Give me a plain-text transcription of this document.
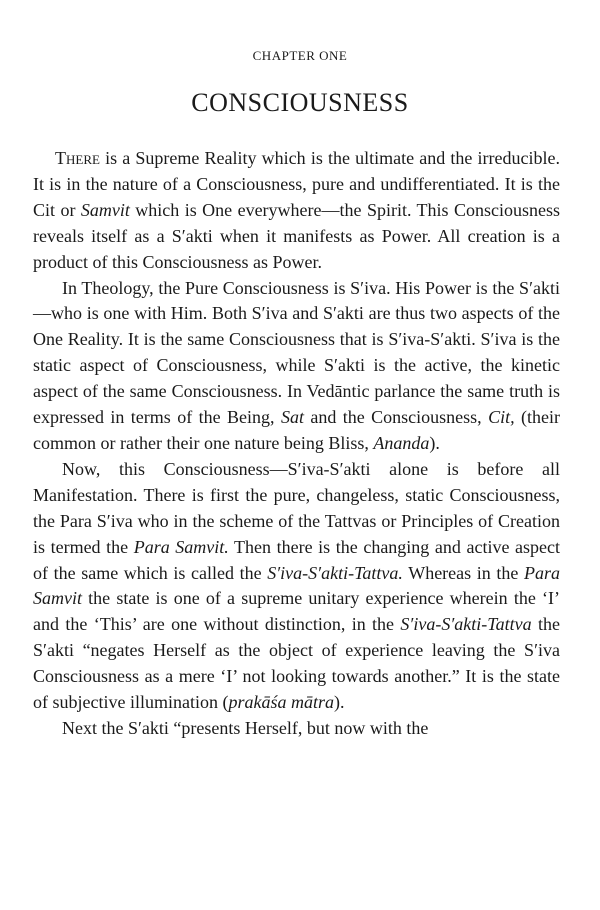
CHAPTER ONE
CONSCIOUSNESS

There is a Supreme Reality which is the ultimate and the irreducible. It is in the nature of a Consciousness, pure and undifferentiated. It is the Cit or Samvit which is One everywhere—the Spirit. This Consciousness reveals itself as a S′akti when it manifests as Power. All creation is a product of this Consciousness as Power.

In Theology, the Pure Consciousness is S′iva. His Power is the S′akti—who is one with Him. Both S′iva and S′akti are thus two aspects of the One Reality. It is the same Consciousness that is S′iva-S′akti. S′iva is the static aspect of Consciousness, while S′akti is the active, the kinetic aspect of the same Consciousness. In Vedāntic parlance the same truth is expressed in terms of the Being, Sat and the Consciousness, Cit, (their common or rather their one nature being Bliss, Ananda).

Now, this Consciousness—S′iva-S′akti alone is before all Manifestation. There is first the pure, changeless, static Consciousness, the Para S′iva who in the scheme of the Tattvas or Principles of Creation is termed the Para Samvit. Then there is the changing and active aspect of the same which is called the S′iva-S′akti-Tattva. Whereas in the Para Samvit the state is one of a supreme unitary experience wherein the ‘I’ and the ‘This’ are one without distinction, in the S′iva-S′akti-Tattva the S′akti “negates Herself as the object of experience leaving the S′iva Consciousness as a mere ‘I’ not looking towards another.” It is the state of subjective illumination (prakāśa mātra).

Next the S′akti “presents Herself, but now with the
